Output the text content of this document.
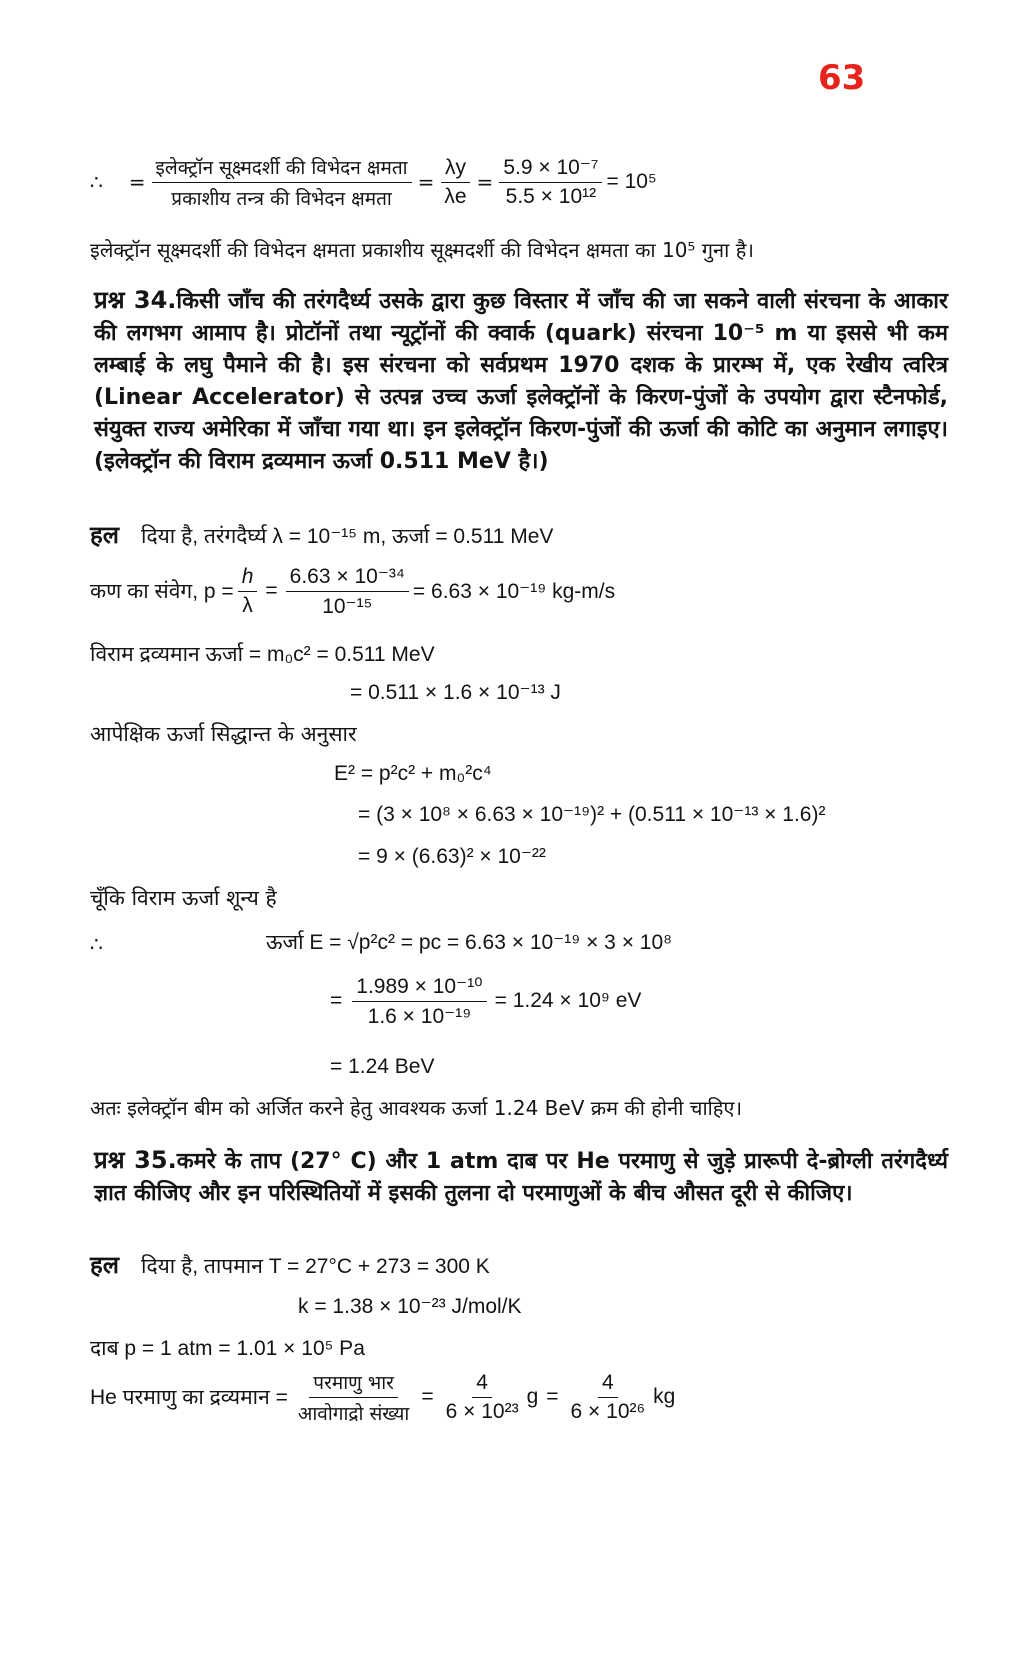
63
∴ = $\frac{\text{इलेक्ट्रॉन सूक्ष्मदर्शी की विभेदन क्षमता}}{\text{प्रकाशीय तन्त्र की विभेदन क्षमता}} = \frac{\lambda y}{\lambda e} = \frac{\text{5.9 × 10⁻⁷}}{\text{5.5 × 10¹²}} = 10^5$
इलेक्ट्रॉन सूक्ष्मदर्शी की विभेदन क्षमता प्रकाशीय सूक्ष्मदर्शी की विभेदन क्षमता का 10⁵ गुना है।
प्रश्न 34.किसी जाँच की तरंगदैर्ध्य उसके द्वारा कुछ विस्तार में जाँच की जा सकने वाली संरचना के आकार की लगभग आमाप है। प्रोटॉनों तथा न्यूट्रॉनों की क्वार्क (quark) संरचना 10⁻⁵ m या इससे भी कम लम्बाई के लघु पैमाने की है। इस संरचना को सर्वप्रथम 1970 दशक के प्रारम्भ में, एक रेखीय त्वरित्र (Linear Accelerator) से उत्पन्न उच्च ऊर्जा इलेक्ट्रॉनों के किरण-पुंजों के उपयोग द्वारा स्टैनफोर्ड, संयुक्त राज्य अमेरिका में जाँचा गया था। इन इलेक्ट्रॉन किरण-पुंजों की ऊर्जा की कोटि का अनुमान लगाइए। (इलेक्ट्रॉन की विराम द्रव्यमान ऊर्जा 0.511 MeV है।)
हल दिया है, तरंगदैर्घ्य λ = 10⁻¹⁵ m, ऊर्जा = 0.511 MeV
कण का संवेग, $p = \frac{h}{\lambda} = \frac{\text{6.63 × 10⁻³⁴}}{\text{10⁻¹⁵}} = 6.63 \times 10^{-19}$ kg-m/s
विराम द्रव्यमान ऊर्जा = m₀c² = 0.511 MeV
= 0.511 × 1.6 × 10⁻¹³ J
आपेक्षिक ऊर्जा सिद्धान्त के अनुसार
E² = p²c² + m₀²c⁴
= (3 × 10⁸ × 6.63 × 10⁻¹⁹)² + (0.511 × 10⁻¹³ × 1.6)²
= 9 × (6.63)² × 10⁻²²
चूँकि विराम ऊर्जा शून्य है
∴	ऊर्जा E = √p²c² = pc = 6.63 × 10⁻¹⁹ × 3 × 10⁸
= $\frac{\text{1.989 × 10⁻¹⁰}}{\text{1.6 × 10⁻¹⁹}} = 1.24 \times 10^9$ eV
= 1.24 BeV
अतः इलेक्ट्रॉन बीम को अर्जित करने हेतु आवश्यक ऊर्जा 1.24 BeV क्रम की होनी चाहिए।
प्रश्न 35.कमरे के ताप (27° C) और 1 atm दाब पर He परमाणु से जुड़े प्रारूपी दे-ब्रोग्ली तरंगदैर्ध्य ज्ञात कीजिए और इन परिस्थितियों में इसकी तुलना दो परमाणुओं के बीच औसत दूरी से कीजिए।
हल दिया है, तापमान T = 27°C + 273 = 300 K
k = 1.38 × 10⁻²³ J/mol/K
दाब p = 1 atm = 1.01 × 10⁵ Pa
He परमाणु का द्रव्यमान = $\frac{\text{परमाणु भार}}{\text{आवोगाद्रो संख्या}} = \frac{4}{\text{6 × 10²³}}$ $g = \frac{4}{\text{6 × 10²⁶}}$ kg
